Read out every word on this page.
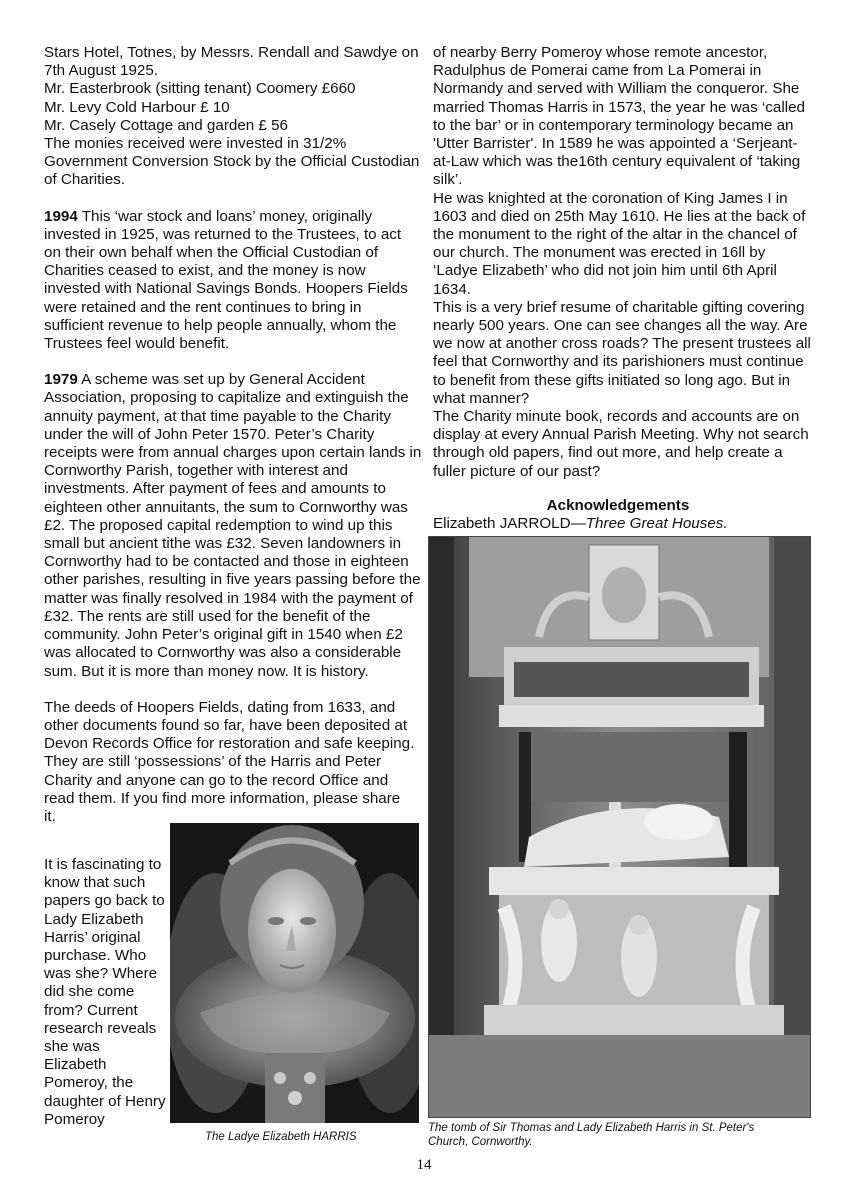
Stars Hotel, Totnes, by Messrs. Rendall and Sawdye on 7th August 1925.
Mr. Easterbrook (sitting tenant) Coomery £660
Mr. Levy Cold Harbour £ 10
Mr. Casely Cottage and garden £ 56
The monies received were invested in 31/2% Government Conversion Stock by the Official Custodian of Charities.

1994 This ‘war stock and loans’ money, originally invested in 1925, was returned to the Trustees, to act on their own behalf when the Official Custodian of Charities ceased to exist, and the money is now invested with National Savings Bonds. Hoopers Fields were retained and the rent continues to bring in sufficient revenue to help people annually, whom the Trustees feel would benefit.

1979 A scheme was set up by General Accident Association, proposing to capitalize and extinguish the annuity payment, at that time payable to the Charity under the will of John Peter 1570. Peter’s Charity receipts were from annual charges upon certain lands in Cornworthy Parish, together with interest and investments. After payment of fees and amounts to eighteen other annuitants, the sum to Cornworthy was £2. The proposed capital redemption to wind up this small but ancient tithe was £32. Seven landowners in Cornworthy had to be contacted and those in eighteen other parishes, resulting in five years passing before the matter was finally resolved in 1984 with the payment of £32. The rents are still used for the benefit of the community. John Peter’s original gift in 1540 when £2 was allocated to Cornworthy was also a considerable sum. But it is more than money now. It is history.

The deeds of Hoopers Fields, dating from 1633, and other documents found so far, have been deposited at Devon Records Office for restoration and safe keeping. They are still ‘possessions’ of the Harris and Peter Charity and anyone can go to the record Office and read them. If you find more information, please share it.

It is fascinating to know that such papers go back to Lady Elizabeth Harris’ original purchase. Who was she? Where did she come from? Current research reveals she was Elizabeth Pomeroy, the daughter of Henry Pomeroy

The Ladye Elizabeth HARRIS

of nearby Berry Pomeroy whose remote ancestor, Radulphus de Pomerai came from La Pomerai in Normandy and served with William the conqueror. She married Thomas Harris in 1573, the year he was ‘called to the bar’ or in contemporary terminology became an 'Utter Barrister'. In 1589 he was appointed a ‘Serjeant-at-Law which was the16th century equivalent of ‘taking silk’.

He was knighted at the coronation of King James I in 1603 and died on 25th May 1610. He lies at the back of the monument to the right of the altar in the chancel of our church. The monument was erected in 16ll by ‘Ladye Elizabeth’ who did not join him until 6th April 1634.

This is a very brief resume of charitable gifting covering nearly 500 years. One can see changes all the way. Are we now at another cross roads? The present trustees all feel that Cornworthy and its parishioners must continue to benefit from these gifts initiated so long ago. But in what manner?

The Charity minute book, records and accounts are on display at every Annual Parish Meeting. Why not search through old papers, find out more, and help create a fuller picture of our past?

Acknowledgements
Elizabeth JARROLD—Three Great Houses.
The tomb of Sir Thomas and Lady Elizabeth Harris in St. Peter's Church, Cornworthy.
14
